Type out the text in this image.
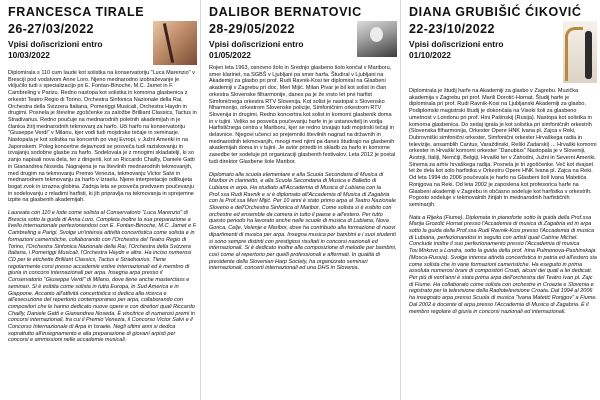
FRANCESCA TIRALE
26-27/03/2022
Vpisi do/iscrizioni entro
10/03/2022

Diplomirala s 110 cum laude kot solistka na konservatoriju "Luca Marenzio" v Bresciji pod vodstvom Anne Loro. Njeno mednarodno izobraževanje je vključilo tudi s specializacijo pri E. Fontan-Binoche, M.C. Jamet in F. Cambreling v Parizu. Redno nastopa kot solistka in komorna glasbenica z orkestri Teatro Regio di Torino, Orchestra Sinfonica Nazionale della Rai, Orchestra della Svizzera Italiana, Pomeriggi Musicali, Orchestra Haydn in drugimi. Posnela je številne zgoščenke za založbe Brilliant Classics, Tactus in Stradivarius. Redno poučuje na mednarodnih poletnih akademijah in je članica žirij mednarodnih tekmovanj za harfo. Uči harfo na konservatoriju "Giuseppe Verdi" v Milanu, kjer vodi tudi mojstrske tečaje in seminarje. Nastopala je kot solistka na koncertih po vsej Evropi, v Južni Ameriki in na Japonskem. Poleg koncertne dejavnosti se posveča tudi raziskovanju in izvajanju sodobne glasbe za harfo. Sodelovala je z mnogimi skladatelji, ki so zanjo napisali nova dela, ter z dirigenti, kot so Riccardo Chailly, Daniele Gatti in Gianandrea Noseda. Nagrajena je na številnih mednarodnih tekmovanjih, med drugim na tekmovanju Premio Venezia, tekmovanju Victor Salvi in mednarodnem tekmovanju za harfo v Izraelu. Njene interpretacije odlikujeta bogat zvok in izrazna globina. Zadnja leta se posveča predvsem poučevanju in sodelovanju z mladimi harfisti, ki jih pripravlja na tekmovanja in sprejemne izpite na glasbenih akademijah.

Laureata con 110 e lode come solista al Conservatorio "Luca Marenzio" di Brescia sotto la guida di Anna Loro. Completa inoltre la sua preparazione a livello internazionale perfezionandosi con E. Fontan-Binoche, M.C. Jamet e F. Cambreling a Parigi. Svolge un'intensa attività concertistica come solista e in formazioni cameristiche, collaborando con l'Orchestra del Teatro Regio di Torino, l'Orchestra Sinfonica Nazionale della Rai, l'Orchestra della Svizzera Italiana, i Pomeriggi Musicali, l'Orchestra Haydn e altre. Ha inciso numerosi CD per le etichette Brilliant Classics, Tactus e Stradivarius. Tiene regolarmente corsi presso accademie estive internazionali ed è membro di giuria in concorsi internazionali per arpa. Insegna arpa presso il Conservatorio "Giuseppe Verdi" di Milano, dove tiene anche masterclass e seminari. Si è esibita come solista in tutta Europa, in Sud America e in Giappone. Accanto all'attività concertistica si dedica alla ricerca e all'esecuzione del repertorio contemporaneo per arpa, collaborando con compositori che le hanno dedicato nuove opere e con direttori quali Riccardo Chailly, Daniele Gatti e Gianandrea Noseda. È vincitrice di numerosi premi in concorsi internazionali, tra cui il Premio Venezia, il Concorso Victor Salvi e il Concorso Internazionale di Arpa in Israele. Negli ultimi anni si dedica soprattutto all'insegnamento e alla preparazione di giovani arpisti per concorsi e ammissioni nelle accademie musicali.

DALIBOR BERNATOVIC
28-29/05/2022
Vpisi do/iscrizioni entro
01/05/2022

Rojen leta 1963, osnovno šolo in Srednjo glasbeno šolo končal v Mariboru, smer klarinet, na SGBŠ v Ljubljani pa smer harfa. Študiral v Ljubljani na Akademiji za glasbo pri prof. Rudi Ravnik-Kosi ter diplomiral na Glasbeni akademiji v Zagrebu pri doc. Meri Mijić. Milan Pivar je bil kot solist in član orkestra Slovenske filharmonije, danes pa je že vrsto let prvi harfist Simfoničnega orkestra RTV Slovenija. Kot solist je nastopal s Slovensko filharmonijo, orkestrom Slovenske policije, Simfoničnim orkestrom RTV Slovenija in drugimi. Redno koncertira kot solist in komorni glasbenik doma in v tujini. Veliko se posveča poučevanju harfe in je ustanovitelj in vodja Harfističnega centra v Mariboru, kjer se redno izvajajo tudi mojstrski tečaji in delavnice. Njegovi učenci so prejemniki številnih nagrad na državnih in mednarodnih tekmovanjih, mnogi med njimi pa danes študirajo na glasbenih akademijah doma in v tujini. Je avtor priredb in skladb za harfo in komorne zasedbe ter sodeluje pri organizaciji glasbenih festivalov. Leta 2012 je postal tudi direktor Glasbene šole Maribor.

Diplomato alla scuola elementare e alla Scuola Secondaria di Musica di Maribor in clarinetto, e alla Scuola Secondaria di Musica e Balletto di Lubiana in arpa. Ha studiato all'Accademia di Musica di Lubiana con la Prof.ssa Rudi Ravnik e si è diplomato all'Accademia di Musica di Zagabria con la Prof.ssa Meri Mijić. Per 10 anni è stato primo arpa al Teatro Nazionale Sloveno e dell'Orchestra Sinfonica di Maribor. Come solista si è esibito con orchestre ed ensemble da camera in tutto il paese e all'estero. Per tutto questo periodo ha lavorato anche nelle scuole di musica di Lubiana, Nova Gorica, Celje, Velenje e Maribor, dove ha contribuito alla formazione di nuovi dipartimenti di musica per arpa. Insegna musica per bambini e i suoi studenti si sono sempre distinti con prestigiosi risultati in concorsi nazionali ed internazionali. Si è dedicato inoltre alla composizione di melodie per bambini, così come al repertorio per quelli professionali e affermati. In qualità di presidente della Slovenian Harp Society, ha organizzato seminari internazionali, concerti internazionali ed una DHS in Slovenia.

DIANA GRUBIŠIĆ ĆIKOVIĆ
22-23/10/2022
Vpisi do/iscrizioni entro
01/10/2022

Diplomirala je študij harfe na Akademiji za glasbo v Zagrebu. Muzička akademija v Zagrebu pri prof. Marili Dorotić-Hornat. Študij harfe je diplomirala pri prof. Rudi Ravnik-Kosi na Ljubljanski Akademiji za glasbo. Podiplomski magistrski študij je dokončala na Visoki šoli za glasbeno umetnost v Londonu pri prof. Hini Pašinskij (Rusija). Nastopa kot solistka in komorna glasbenica. Do sedaj igrala je kot solistka pri simfoničnih orkestrih (Slovenska filharmonija, Orkester Opere HNK Ivana pl. Zajca v Reki, Dubrovniški simfonični orkester, Simfonični orkester Hrvaškega radia in televizije, ansamblih Cantus, Varaždinski, Reški Zadarski) ... Hrvaški komorni orkester in Hrvaški komorni orkester "Danubius" Nastopala je v Sloveniji, Avstriji, Italiji, Nemčiji, Belgiji, Hrvaški ter v Zahodni, Južni in Severni Ameriki. Sinema za arhiv hrvaškega radija. Posnela je tri zgoščenke. Več kot dvajset let že dela kot solo harfistka v Orkestru Opere HNK Ivana pl. Zajca na Reki. Od leta 1994 do 2006 poučevala je harfo na Glasbeni šoli Ivana Matetića Ronjgova na Reki. Od leta 2002 je zaposlena kot profesorica harfe na Glasbeni akademiji v Zagrebu in občasno sodeluje kot harfistka v orkestrih. Pogosto sodeluje v tekmovalnih žirijah in mednarodnih harfističnih seminarjih.

Nata a Rijeka (Fiume). Diplomata in pianoforte sotto la guida della Prof.ssa Marija Grozdić Hornat presso l'Accademia di musica di Zagabria ed in arpa sotto la guida della Prof.ssa Rudi Ravnik-Kosi presso l'Accademia di musica di Lubiana, perfezionandosi in seguito con artisti quali Catrine Michel. Conclude inoltre il suo perfezionamento presso l'Accademia di musica Tov.Mirkovo a Londra, sotto la guida della prof. Irina Pulmonova-Pashinskaja (Mosca-Russia). Svolge intensa attività concertistica in patria ed all'estero sia come solista che in varie formazioni cameristiche. Ha eseguito in prima assoluta numerosi brani di compositori Croati, alcuni dei quali a lei dedicati. Per più di vent'anni è stata prima arpa dell'orchestra del Teatro Ivan pl. Zajc di Fiume. Ha collaborato come solista con orchestre in Croazia e Slovenia e registrato per la televisione della Radiotelevisione Croata. Dal 1994 al 2006 ha insegnato arpa presso Scuola di musica "Ivana Matetić Ronjgov" a Fiume. Dal 2002 è docente di arpa presso l'Accademia di Musica di Zagabria. È il membro regolare di giuria in concorsi nazionali ed internazionali.
